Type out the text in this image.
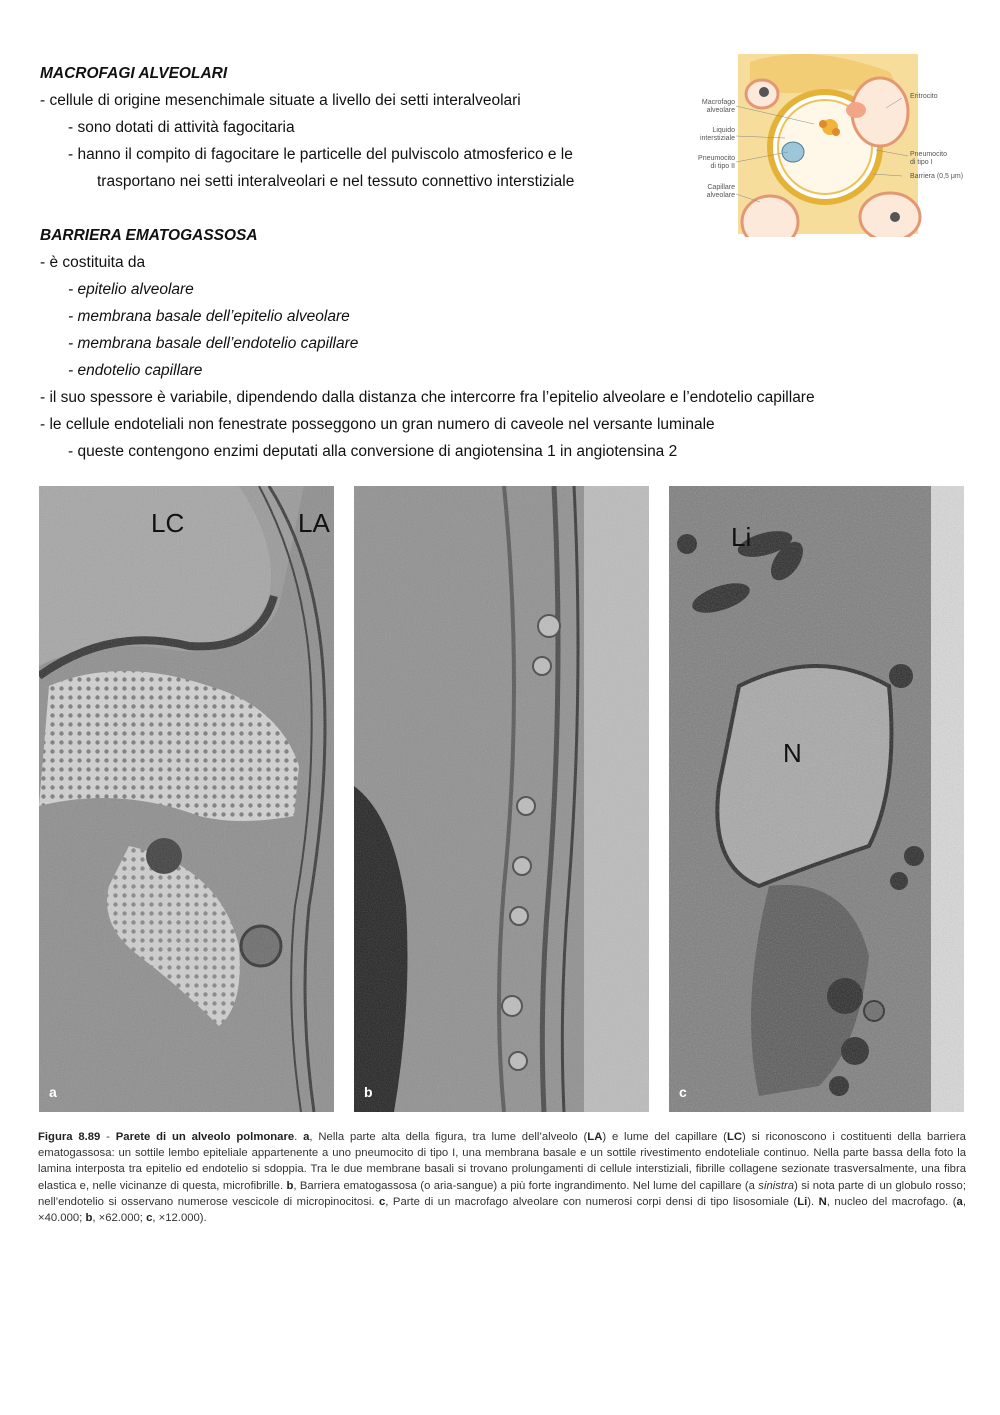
MACROFAGI ALVEOLARI
- cellule di origine mesenchimale situate a livello dei setti interalveolari
- sono dotati di attività fagocitaria
- hanno il compito di fagocitare le particelle del pulviscolo atmosferico e le
trasportano nei setti interalveolari e nel tessuto connettivo interstiziale
BARRIERA EMATOGASSOSA
- è costituita da
- epitelio alveolare
- membrana basale dell’epitelio alveolare
- membrana basale dell’endotelio capillare
- endotelio capillare
- il suo spessore è variabile, dipendendo dalla distanza che intercorre fra l’epitelio alveolare e l’endotelio capillare
- le cellule endoteliali non fenestrate posseggono un gran numero di caveole nel versante luminale
- queste contengono enzimi deputati alla conversione di angiotensina 1 in angiotensina 2
Macrofago
alveolare
Liquido
interstiziale
Pneumocito
di tipo II
Capillare
alveolare
Eritrocito
Pneumocito
di tipo I
Barriera (0,5 μm)
LC	LA
a	b
Li
N
c
Figura 8.89 - Parete di un alveolo polmonare. a, Nella parte alta della figura, tra lume dell’alveolo (LA) e lume del capillare (LC) si riconoscono i costituenti della barriera ematogassosa: un sottile lembo epiteliale appartenente a uno pneumocito di tipo I, una membrana basale e un sottile rivestimento endoteliale continuo. Nella parte bassa della foto la lamina interposta tra epitelio ed endotelio si sdoppia. Tra le due membrane basali si trovano prolungamenti di cellule interstiziali, fibrille collagene sezionate trasversalmente, una fibra elastica e, nelle vicinanze di questa, microfibrille. b, Barriera ematogassosa (o aria-sangue) a più forte ingrandimento. Nel lume del capillare (a sinistra) si nota parte di un globulo rosso; nell’endotelio si osservano numerose vescicole di micropinocitosi. c, Parte di un macrofago alveolare con numerosi corpi densi di tipo lisosomiale (Li). N, nucleo del macrofago. (a, ×40.000; b, ×62.000; c, ×12.000).
